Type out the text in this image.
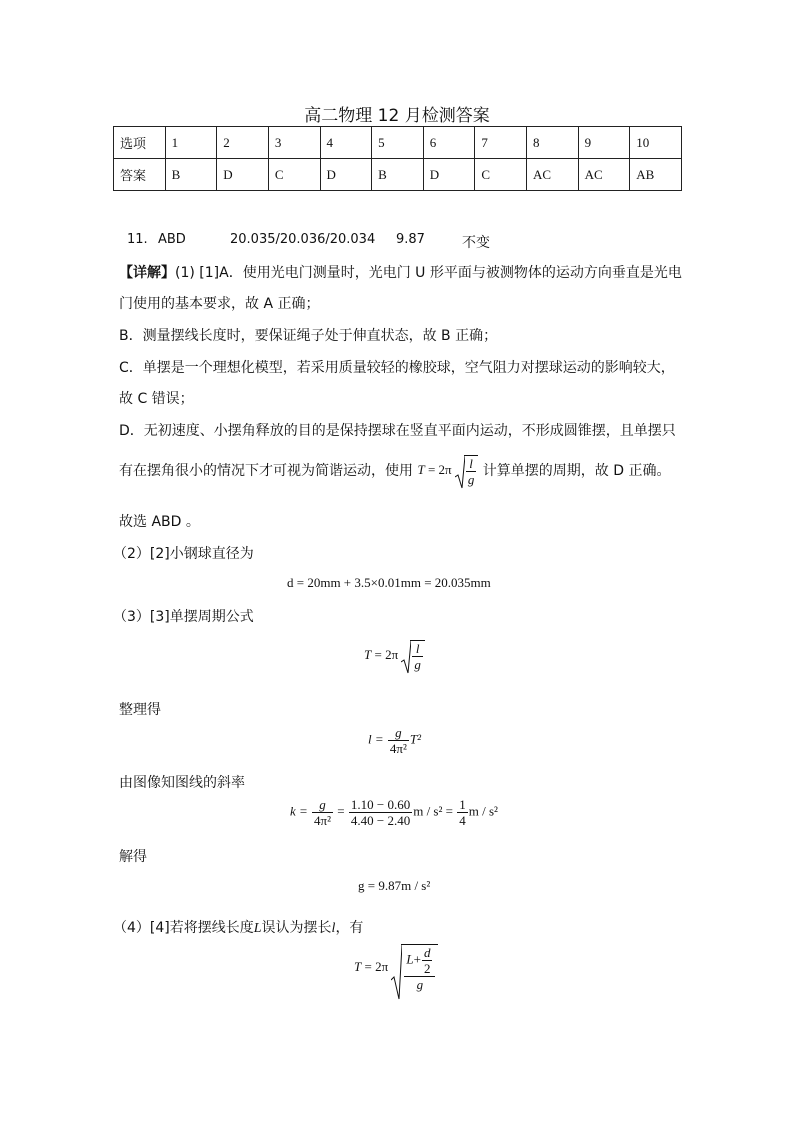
高二物理 12 月检测答案
选项	1	2	3	4	5	6	7	8	9	10
答案	B	D	C	D	B	D	C	AC	AC	AB
11. ABD	20.035/20.036/20.034 9.87	不变
【详解】(1) [1]A．使用光电门测量时，光电门 U 形平面与被测物体的运动方向垂直是光电
门使用的基本要求，故 A 正确；
B．测量摆线长度时，要保证绳子处于伸直状态，故 B 正确；
C．单摆是一个理想化模型，若采用质量较轻的橡胶球，空气阻力对摆球运动的影响较大，
故 C 错误；
D．无初速度、小摆角释放的目的是保持摆球在竖直平面内运动，不形成圆锥摆，且单摆只
有在摆角很小的情况下才可视为简谐运动，使用 $T = 2\pi \frac{l}{g}$ 计算单摆的周期，故 D 正确。
故选 ABD 。
（2）[2]小钢球直径为
d = 20mm + 3.5×0.01mm = 20.035mm
（3）[3]单摆周期公式
$T = 2\pi \frac{l}{g}$
整理得
$l = \frac{g}{\text{4π²}} T^2$
由图像知图线的斜率
$k = \frac{g}{\text{4π²}} = \frac{1.10 - 0.60}{4.40 - 2.40}$ $m / s^2 = \frac{1}{4}$ m / s²
解得
g = 9.87m / s²
（4）[4]若将摆线长度L误认为摆长l，有
$T = 2\pi \frac{L+ \frac{d}{2}}{g}$
